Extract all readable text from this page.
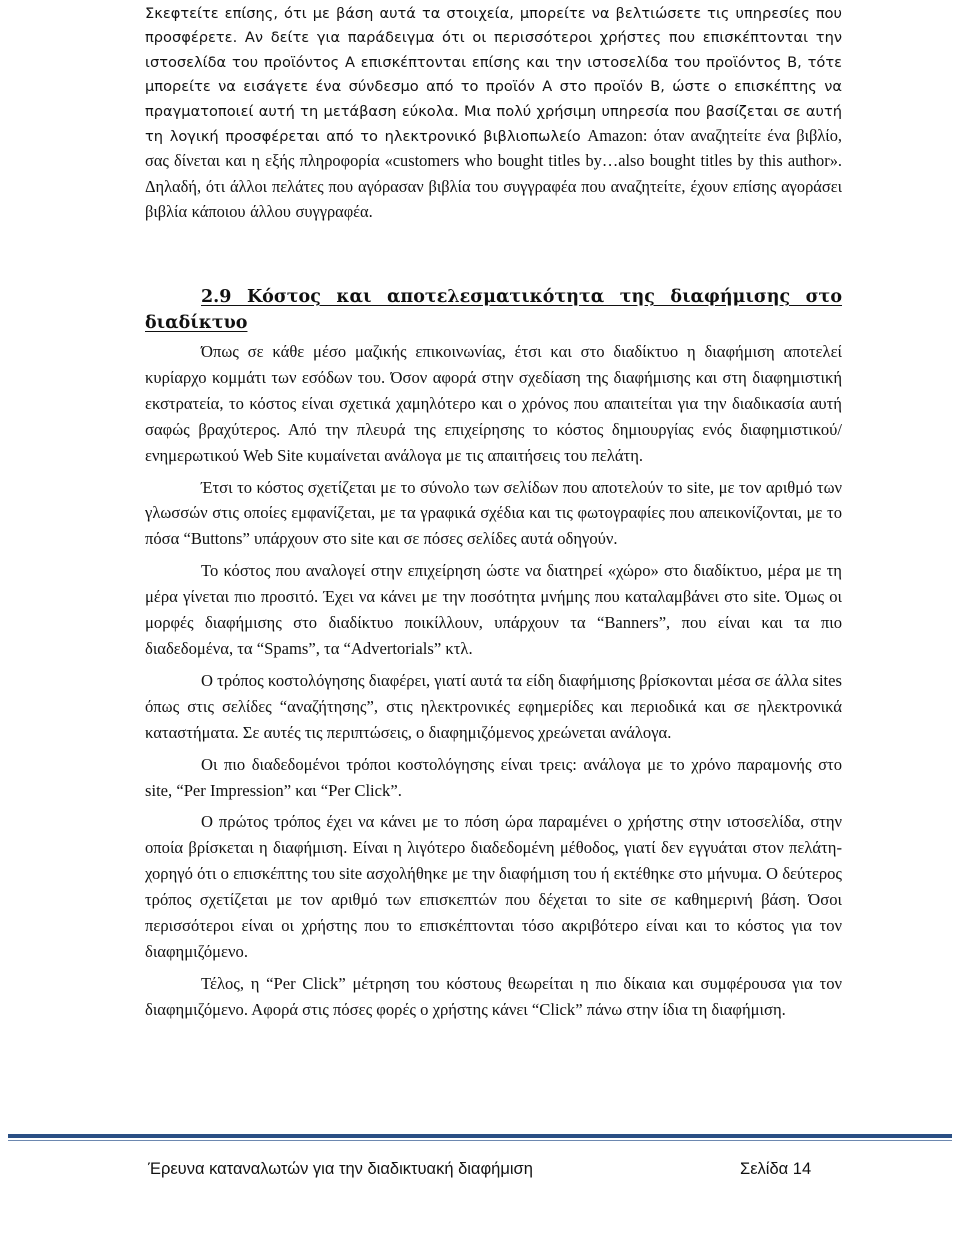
Σκεφτείτε επίσης, ότι με βάση αυτά τα στοιχεία, μπορείτε να βελτιώσετε τις υπηρεσίες που προσφέρετε. Αν δείτε για παράδειγμα ότι οι περισσότεροι χρήστες που επισκέπτονται την ιστοσελίδα του προϊόντος Α επισκέπτονται επίσης και την ιστοσελίδα του προϊόντος Β, τότε μπορείτε να εισάγετε ένα σύνδεσμο από το προϊόν Α στο προϊόν Β, ώστε ο επισκέπτης να πραγματοποιεί αυτή τη μετάβαση εύκολα. Μια πολύ χρήσιμη υπηρεσία που βασίζεται σε αυτή τη λογική προσφέρεται από το ηλεκτρονικό βιβλιοπωλείο Amazon: όταν αναζητείτε ένα βιβλίο, σας δίνεται και η εξής πληροφορία «customers who bought titles by…also bought titles by this author». Δηλαδή, ότι άλλοι πελάτες που αγόρασαν βιβλία του συγγραφέα που αναζητείτε, έχουν επίσης αγοράσει βιβλία κάποιου άλλου συγγραφέα.
2.9 Κόστος και αποτελεσματικότητα της διαφήμισης στο διαδίκτυο

Όπως σε κάθε μέσο μαζικής επικοινωνίας, έτσι και στο διαδίκτυο η διαφήμιση αποτελεί κυρίαρχο κομμάτι των εσόδων του. Όσον αφορά στην σχεδίαση της διαφήμισης και στη διαφημιστική εκστρατεία, το κόστος είναι σχετικά χαμηλότερο και ο χρόνος που απαιτείται για την διαδικασία αυτή σαφώς βραχύτερος. Από την πλευρά της επιχείρησης το κόστος δημιουργίας ενός διαφημιστικού/ενημερωτικού Web Site κυμαίνεται ανάλογα με τις απαιτήσεις του πελάτη.

Έτσι το κόστος σχετίζεται με το σύνολο των σελίδων που αποτελούν το site, με τον αριθμό των γλωσσών στις οποίες εμφανίζεται, με τα γραφικά σχέδια και τις φωτογραφίες που απεικονίζονται, με το πόσα “Buttons” υπάρχουν στο site και σε πόσες σελίδες αυτά οδηγούν.

Το κόστος που αναλογεί στην επιχείρηση ώστε να διατηρεί «χώρο» στο διαδίκτυο, μέρα με τη μέρα γίνεται πιο προσιτό. Έχει να κάνει με την ποσότητα μνήμης που καταλαμβάνει στο site. Όμως οι μορφές διαφήμισης στο διαδίκτυο ποικίλλουν, υπάρχουν τα “Banners”, που είναι και τα πιο διαδεδομένα, τα “Spams”, τα “Advertorials” κτλ.

Ο τρόπος κοστολόγησης διαφέρει, γιατί αυτά τα είδη διαφήμισης βρίσκονται μέσα σε άλλα sites όπως στις σελίδες “αναζήτησης”, στις ηλεκτρονικές εφημερίδες και περιοδικά και σε ηλεκτρονικά καταστήματα. Σε αυτές τις περιπτώσεις, ο διαφημιζόμενος χρεώνεται ανάλογα.

Οι πιο διαδεδομένοι τρόποι κοστολόγησης είναι τρεις: ανάλογα με το χρόνο παραμονής στο site, “Per Impression” και “Per Click”.

Ο πρώτος τρόπος έχει να κάνει με το πόση ώρα παραμένει ο χρήστης στην ιστοσελίδα, στην οποία βρίσκεται η διαφήμιση. Είναι η λιγότερο διαδεδομένη μέθοδος, γιατί δεν εγγυάται στον πελάτη-χορηγό ότι ο επισκέπτης του site ασχολήθηκε με την διαφήμιση του ή εκτέθηκε στο μήνυμα. Ο δεύτερος τρόπος σχετίζεται με τον αριθμό των επισκεπτών που δέχεται το site σε καθημερινή βάση. Όσοι περισσότεροι είναι οι χρήστης που το επισκέπτονται τόσο ακριβότερο είναι και το κόστος για τον διαφημιζόμενο.

Τέλος, η “Per Click” μέτρηση του κόστους θεωρείται η πιο δίκαια και συμφέρουσα για τον διαφημιζόμενο. Αφορά στις πόσες φορές ο χρήστης κάνει “Click” πάνω στην ίδια τη διαφήμιση.

Έρευνα καταναλωτών για την διαδικτυακή διαφήμιση	Σελίδα 14
